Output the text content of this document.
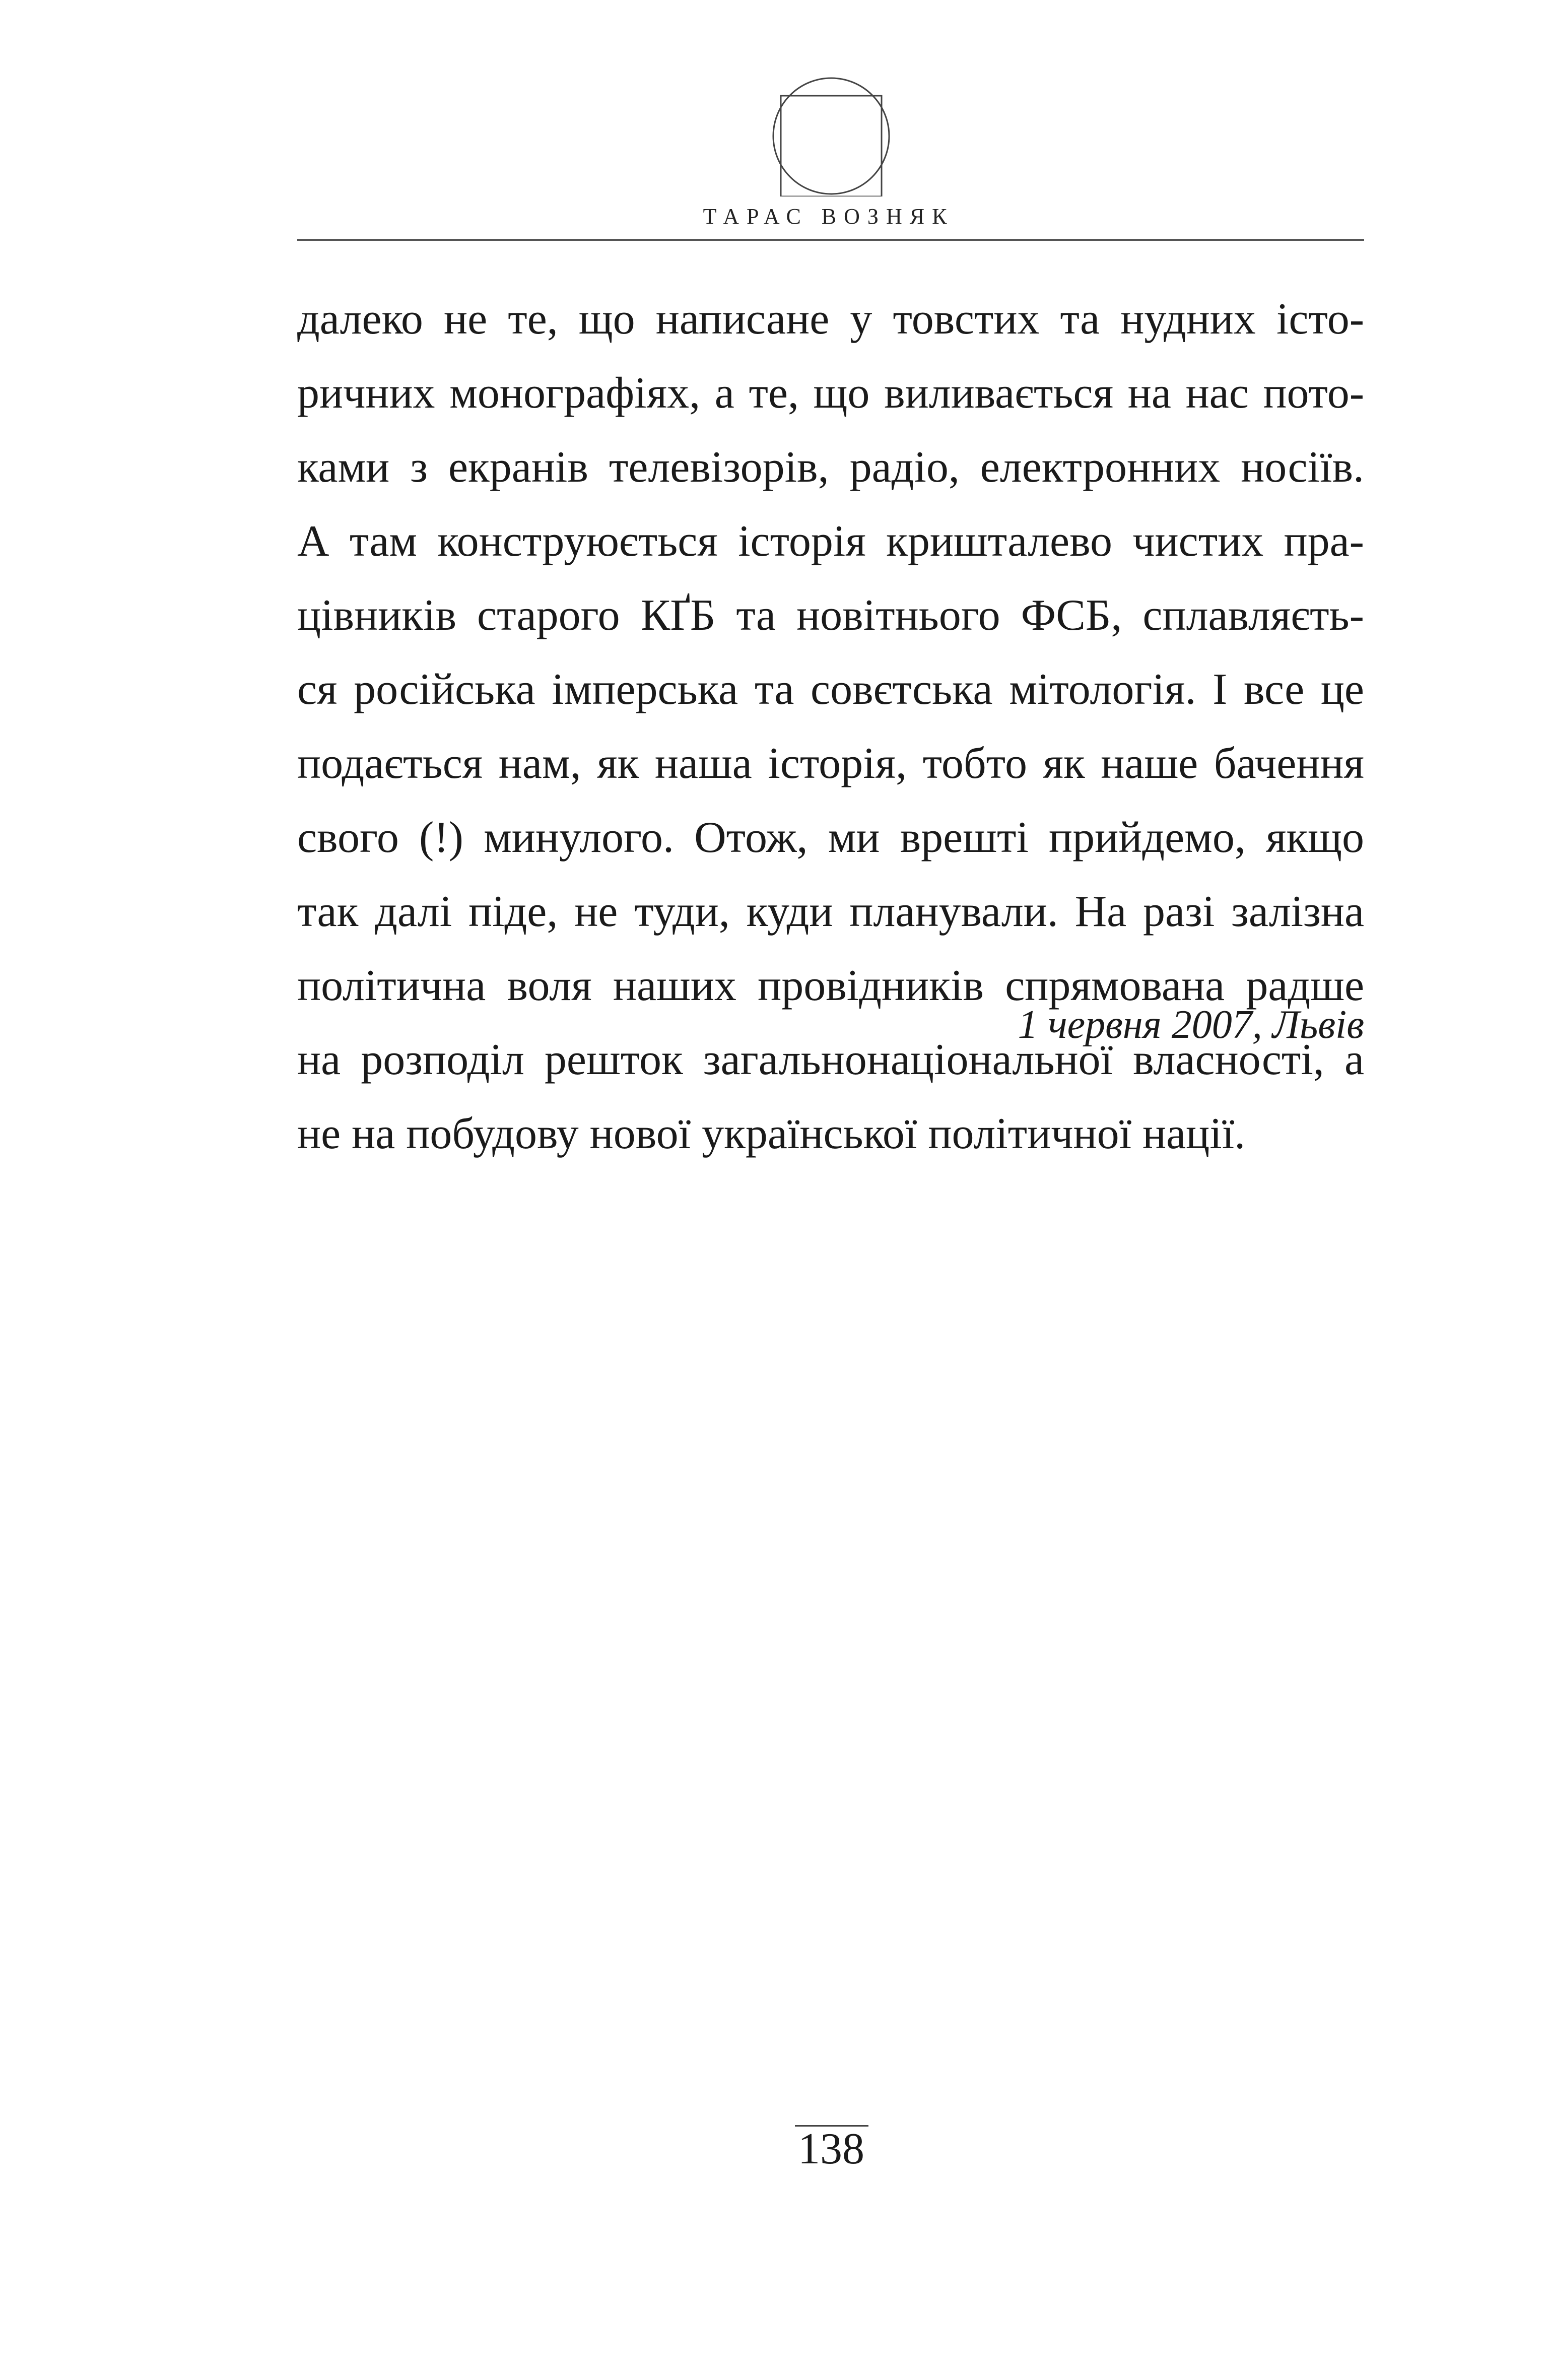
ТАРАС ВОЗНЯК
далеко не те, що написане у товстих та нудних істо-
ричних монографіях, а те, що виливається на нас пото-
ками з екранів телевізорів, радіо, електронних носіїв.
А там конструюється історія кришталево чистих пра-
цівників старого КҐБ та новітнього ФСБ, сплавляєть-
ся російська імперська та совєтська мітологія. І все це
подається нам, як наша історія, тобто як наше бачення
свого (!) минулого. Отож, ми врешті прийдемо, якщо
так далі піде, не туди, куди планували. На разі залізна
політична воля наших провідників спрямована радше
на розподіл решток загальнонаціональної власності, а
не на побудову нової української політичної нації.
1 червня 2007, Львів
138
